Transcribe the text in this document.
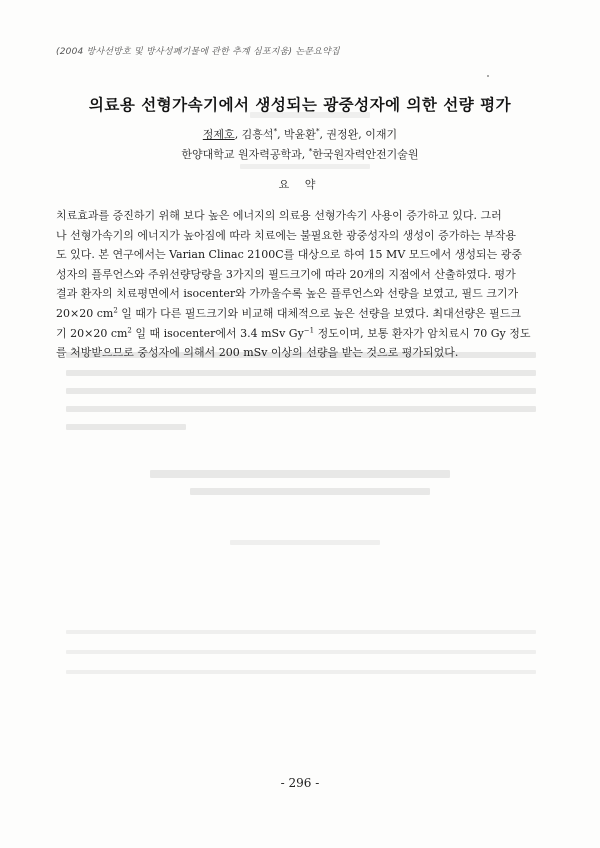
(2004 방사선방호 및 방사성폐기물에 관한 추계 심포지움) 논문요약집
의료용 선형가속기에서 생성되는 광중성자에 의한 선량 평가
정제호, 김흥석*, 박윤환*, 권정완, 이재기
한양대학교 원자력공학과, *한국원자력안전기술원
요 약

치료효과를 증진하기 위해 보다 높은 에너지의 의료용 선형가속기 사용이 증가하고 있다. 그러

나 선형가속기의 에너지가 높아짐에 따라 치료에는 불필요한 광중성자의 생성이 증가하는 부작용

도 있다. 본 연구에서는 Varian Clinac 2100C를 대상으로 하여 15 MV 모드에서 생성되는 광중

성자의 플루언스와 주위선량당량을 3가지의 필드크기에 따라 20개의 지점에서 산출하였다. 평가

결과 환자의 치료평면에서 isocenter와 가까울수록 높은 플루언스와 선량을 보였고, 필드 크기가

20×20 $cm^2$ 일 때가 다른 필드크기와 비교해 대체적으로 높은 선량을 보였다. 최대선량은 필드크

기 20×20 $cm^2$ 일 때 isocenter에서 3.4 mSv $Gy^{-1}$ 정도이며, 보통 환자가 암치료시 70 Gy 정도

를 처방받으므로 중성자에 의해서 200 mSv 이상의 선량을 받는 것으로 평가되었다.

- 296 -
